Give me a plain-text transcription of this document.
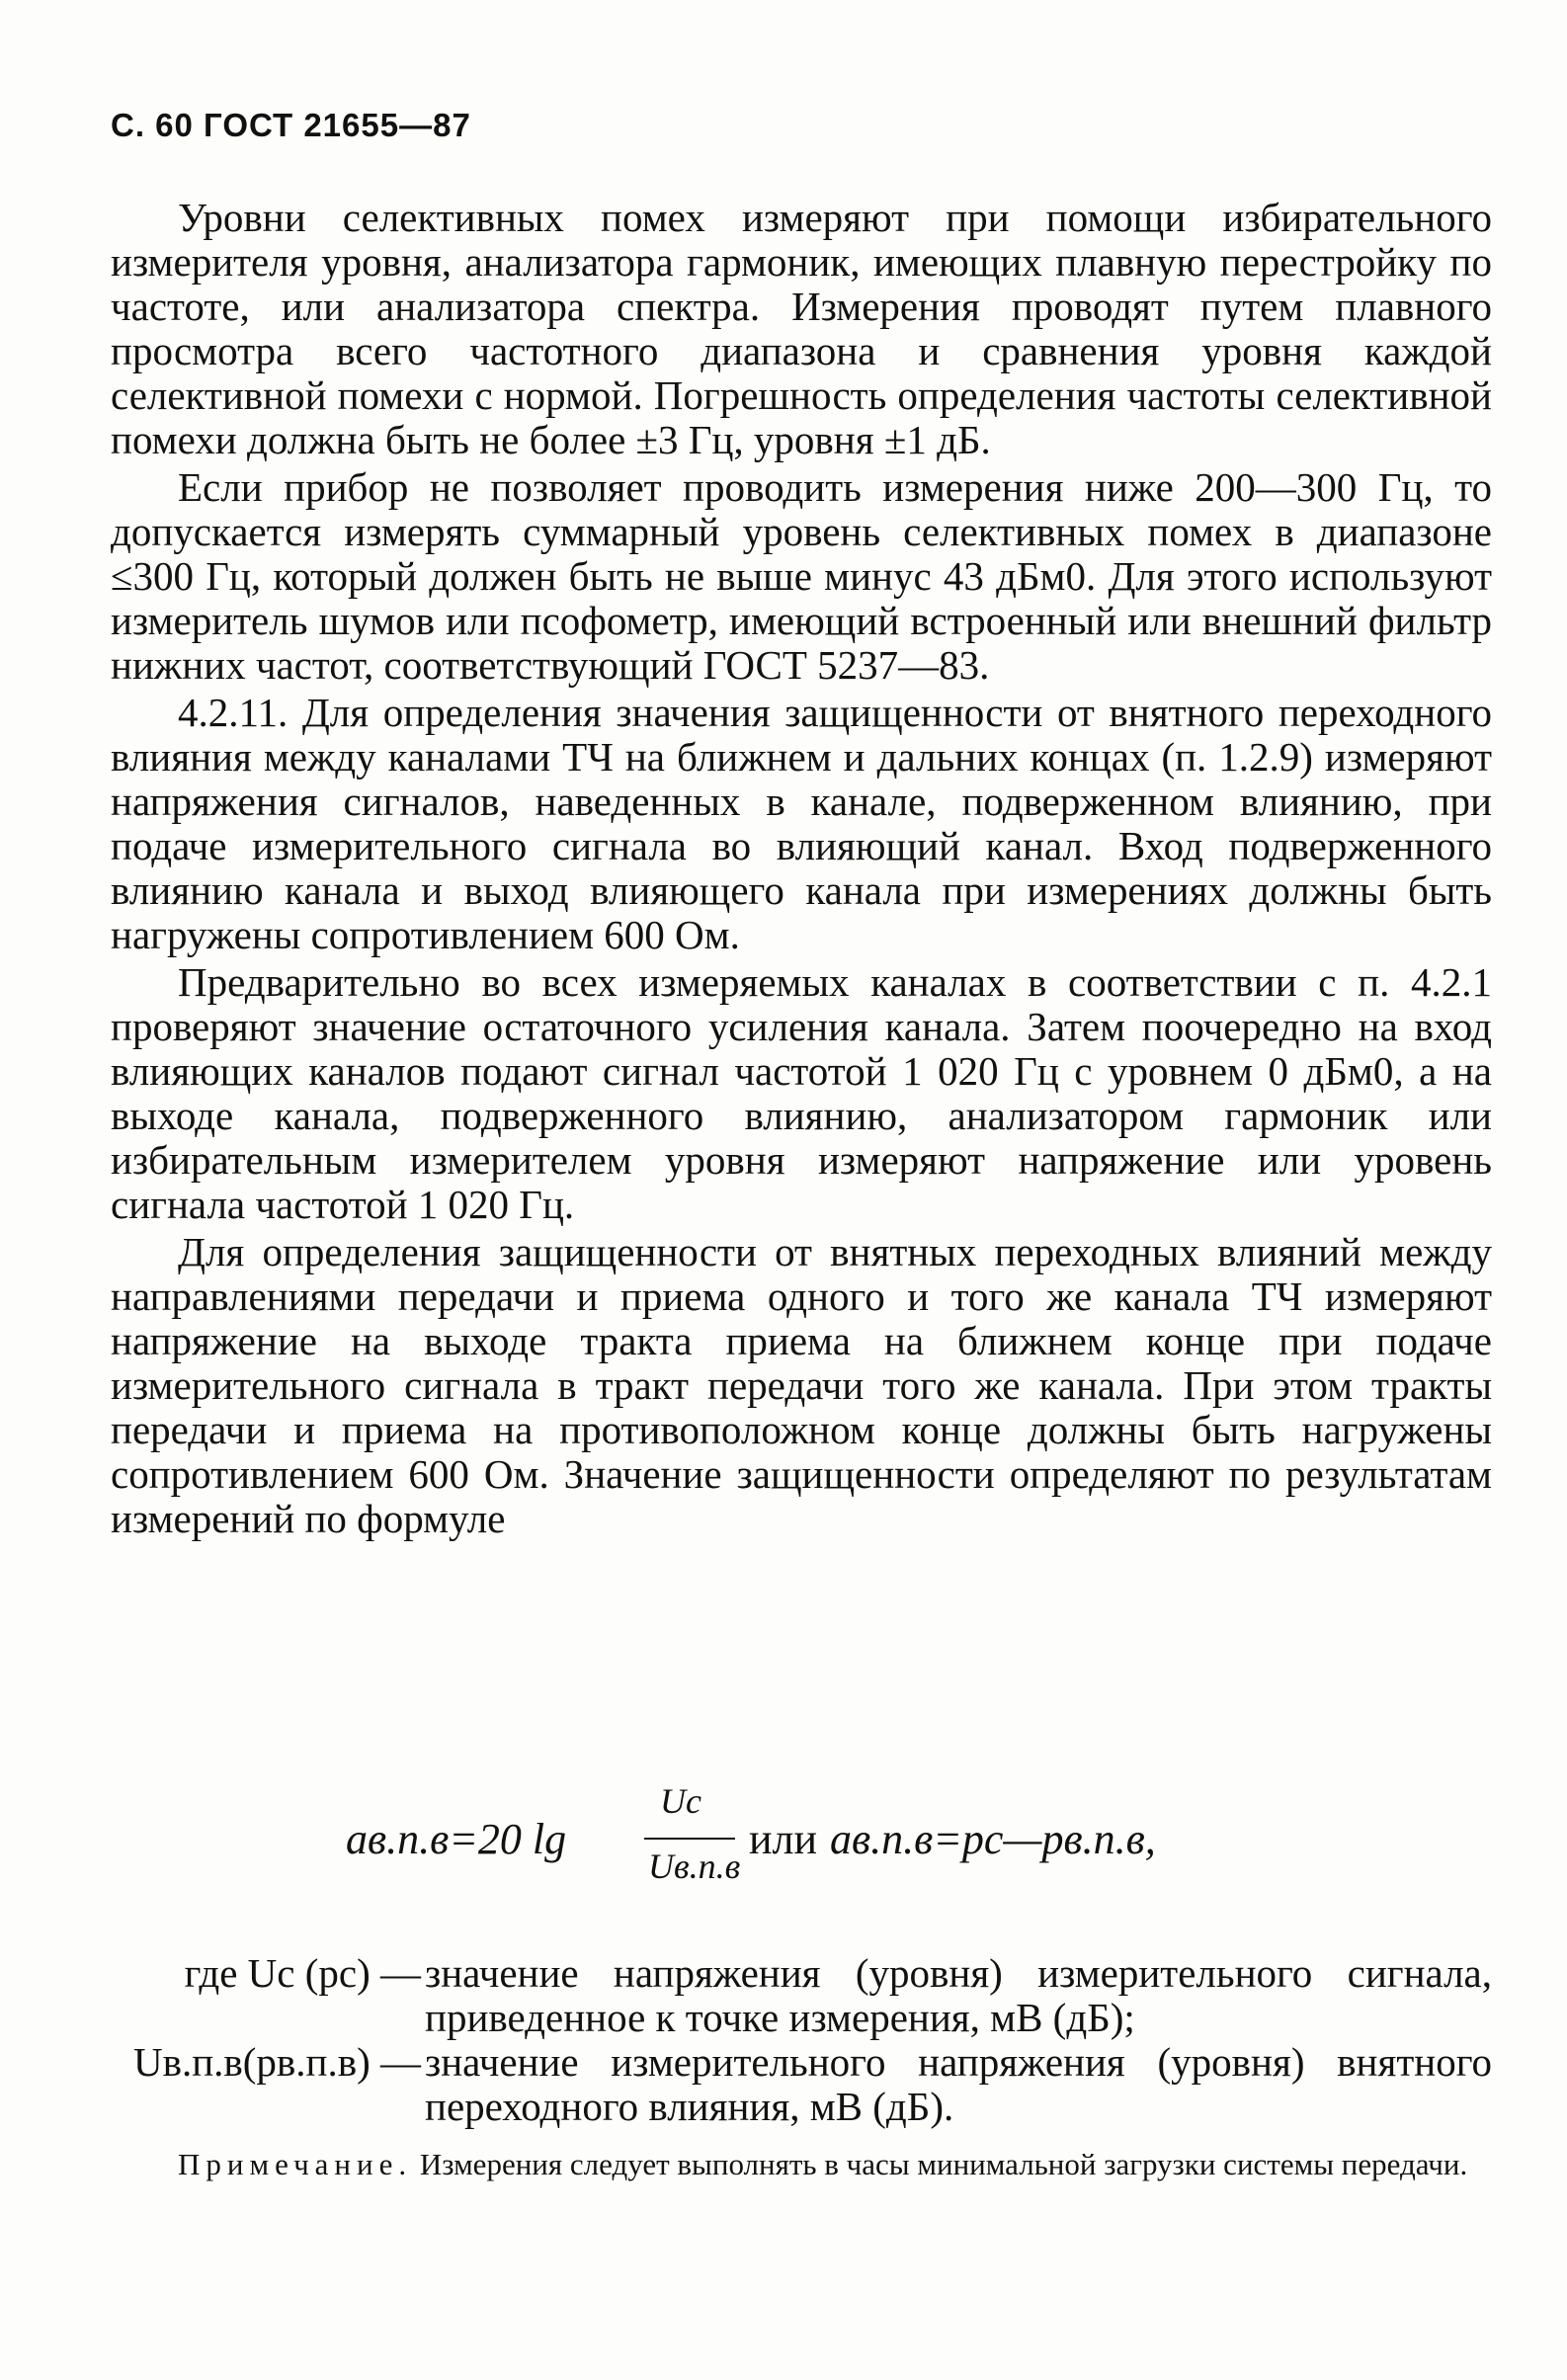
С. 60 ГОСТ 21655—87

Уровни селективных помех измеряют при помощи избирательного измерителя уровня, анализатора гармоник, имеющих плавную перестройку по частоте, или анализатора спектра. Измерения проводят путем плавного просмотра всего частотного диапазона и сравнения уровня каждой селективной помехи с нормой. Погрешность определения частоты селективной помехи должна быть не более ±3 Гц, уровня ±1 дБ.

Если прибор не позволяет проводить измерения ниже 200—300 Гц, то допускается измерять суммарный уровень селективных помех в диапазоне ≤300 Гц, который должен быть не выше минус 43 дБм0. Для этого используют измеритель шумов или псофометр, имеющий встроенный или внешний фильтр нижних частот, соответствующий ГОСТ 5237—83.

4.2.11. Для определения значения защищенности от внятного переходного влияния между каналами ТЧ на ближнем и дальних концах (п. 1.2.9) измеряют напряжения сигналов, наведенных в канале, подверженном влиянию, при подаче измерительного сигнала во влияющий канал. Вход подверженного влиянию канала и выход влияющего канала при измерениях должны быть нагружены сопротивлением 600 Ом.

Предварительно во всех измеряемых каналах в соответствии с п. 4.2.1 проверяют значение остаточного усиления канала. Затем поочередно на вход влияющих каналов подают сигнал частотой 1 020 Гц с уровнем 0 дБм0, а на выходе канала, подверженного влиянию, анализатором гармоник или избирательным измерителем уровня измеряют напряжение или уровень сигнала частотой 1 020 Гц.

Для определения защищенности от внятных переходных влияний между направлениями передачи и приема одного и того же канала ТЧ измеряют напряжение на выходе тракта приема на ближнем конце при подаче измерительного сигнала в тракт передачи того же канала. При этом тракты передачи и приема на противоположном конце должны быть нагружены сопротивлением 600 Ом. Значение защищенности определяют по результатам измерений по формуле

aв.п.в=20 lg
Uc
Uв.п.в
или aв.п.в=pc—pв.п.в,
где Uc (pc) — значение напряжения (уровня) измерительного сигнала, приведенное к точке измерения, мВ (дБ);
Uв.п.в(pв.п.в) — значение измерительного напряжения (уровня) внятного переходного влияния, мВ (дБ).
Примечание. Измерения следует выполнять в часы минимальной загрузки системы передачи.
